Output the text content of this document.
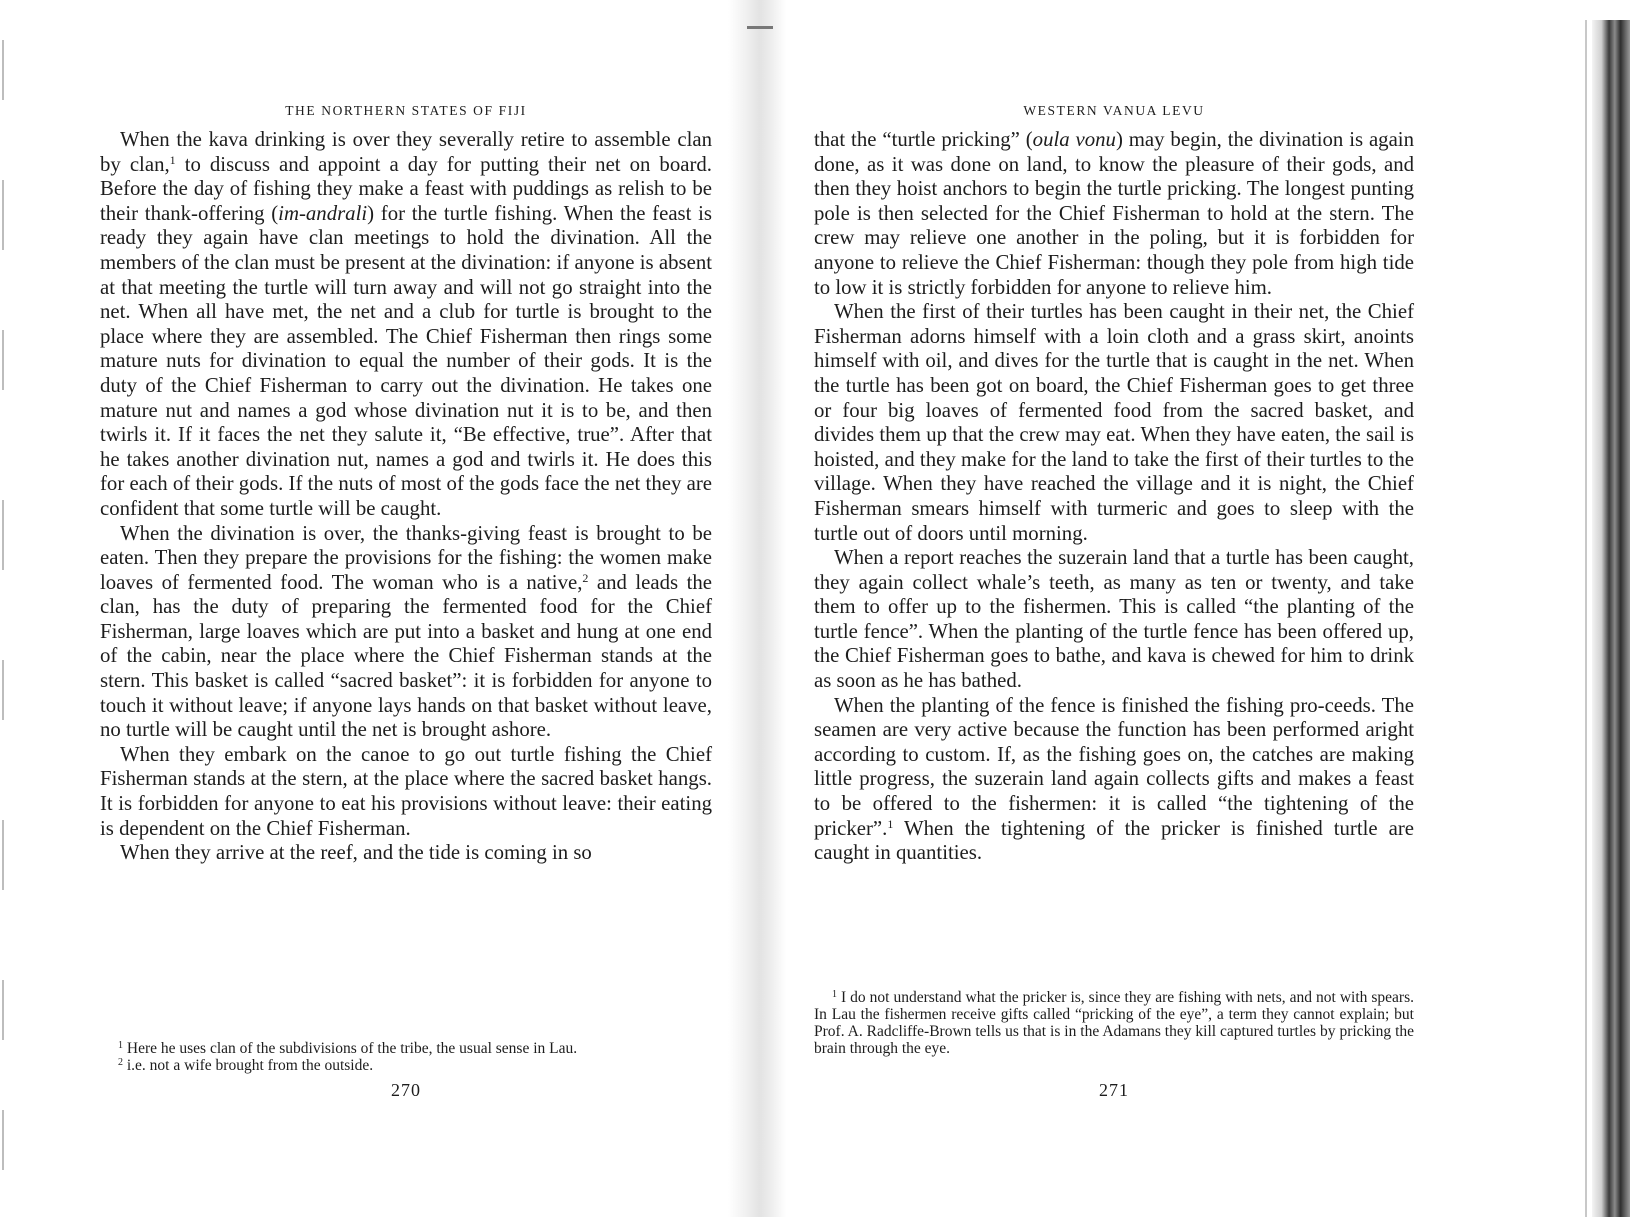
THE NORTHERN STATES OF FIJI

When the kava drinking is over they severally retire to assemble clan by clan,$^1$ to discuss and appoint a day for putting their net on board. Before the day of fishing they make a feast with puddings as relish to be their thank-offering (im-andrali) for the turtle fishing. When the feast is ready they again have clan meetings to hold the divination. All the members of the clan must be present at the divination: if anyone is absent at that meeting the turtle will turn away and will not go straight into the net. When all have met, the net and a club for turtle is brought to the place where they are assembled. The Chief Fisherman then rings some mature nuts for divination to equal the number of their gods. It is the duty of the Chief Fisherman to carry out the divination. He takes one mature nut and names a god whose divination nut it is to be, and then twirls it. If it faces the net they salute it, “Be effective, true”. After that he takes another divination nut, names a god and twirls it. He does this for each of their gods. If the nuts of most of the gods face the net they are confident that some turtle will be caught.

When the divination is over, the thanks-giving feast is brought to be eaten. Then they prepare the provisions for the fishing: the women make loaves of fermented food. The woman who is a native,$^2$ and leads the clan, has the duty of preparing the fermented food for the Chief Fisherman, large loaves which are put into a basket and hung at one end of the cabin, near the place where the Chief Fisherman stands at the stern. This basket is called “sacred basket”: it is forbidden for anyone to touch it without leave; if anyone lays hands on that basket without leave, no turtle will be caught until the net is brought ashore.

When they embark on the canoe to go out turtle fishing the Chief Fisherman stands at the stern, at the place where the sacred basket hangs. It is forbidden for anyone to eat his provisions without leave: their eating is dependent on the Chief Fisherman.

When they arrive at the reef, and the tide is coming in so

$^1$ Here he uses clan of the subdivisions of the tribe, the usual sense in Lau.

$^2$ i.e. not a wife brought from the outside.

270
WESTERN VANUA LEVU

that the “turtle pricking” (oula vonu) may begin, the divination is again done, as it was done on land, to know the pleasure of their gods, and then they hoist anchors to begin the turtle pricking. The longest punting pole is then selected for the Chief Fisherman to hold at the stern. The crew may relieve one another in the poling, but it is forbidden for anyone to relieve the Chief Fisherman: though they pole from high tide to low it is strictly forbidden for anyone to relieve him.

When the first of their turtles has been caught in their net, the Chief Fisherman adorns himself with a loin cloth and a grass skirt, anoints himself with oil, and dives for the turtle that is caught in the net. When the turtle has been got on board, the Chief Fisherman goes to get three or four big loaves of fermented food from the sacred basket, and divides them up that the crew may eat. When they have eaten, the sail is hoisted, and they make for the land to take the first of their turtles to the village. When they have reached the village and it is night, the Chief Fisherman smears himself with turmeric and goes to sleep with the turtle out of doors until morning.

When a report reaches the suzerain land that a turtle has been caught, they again collect whale’s teeth, as many as ten or twenty, and take them to offer up to the fishermen. This is called “the planting of the turtle fence”. When the planting of the turtle fence has been offered up, the Chief Fisherman goes to bathe, and kava is chewed for him to drink as soon as he has bathed.

When the planting of the fence is finished the fishing pro-ceeds. The seamen are very active because the function has been performed aright according to custom. If, as the fishing goes on, the catches are making little progress, the suzerain land again collects gifts and makes a feast to be offered to the fishermen: it is called “the tightening of the pricker”.$^1$ When the tightening of the pricker is finished turtle are caught in quantities.

$^1$ I do not understand what the pricker is, since they are fishing with nets, and not with spears. In Lau the fishermen receive gifts called “pricking of the eye”, a term they cannot explain; but Prof. A. Radcliffe-Brown tells us that is in the Adamans they kill captured turtles by pricking the brain through the eye.

271
